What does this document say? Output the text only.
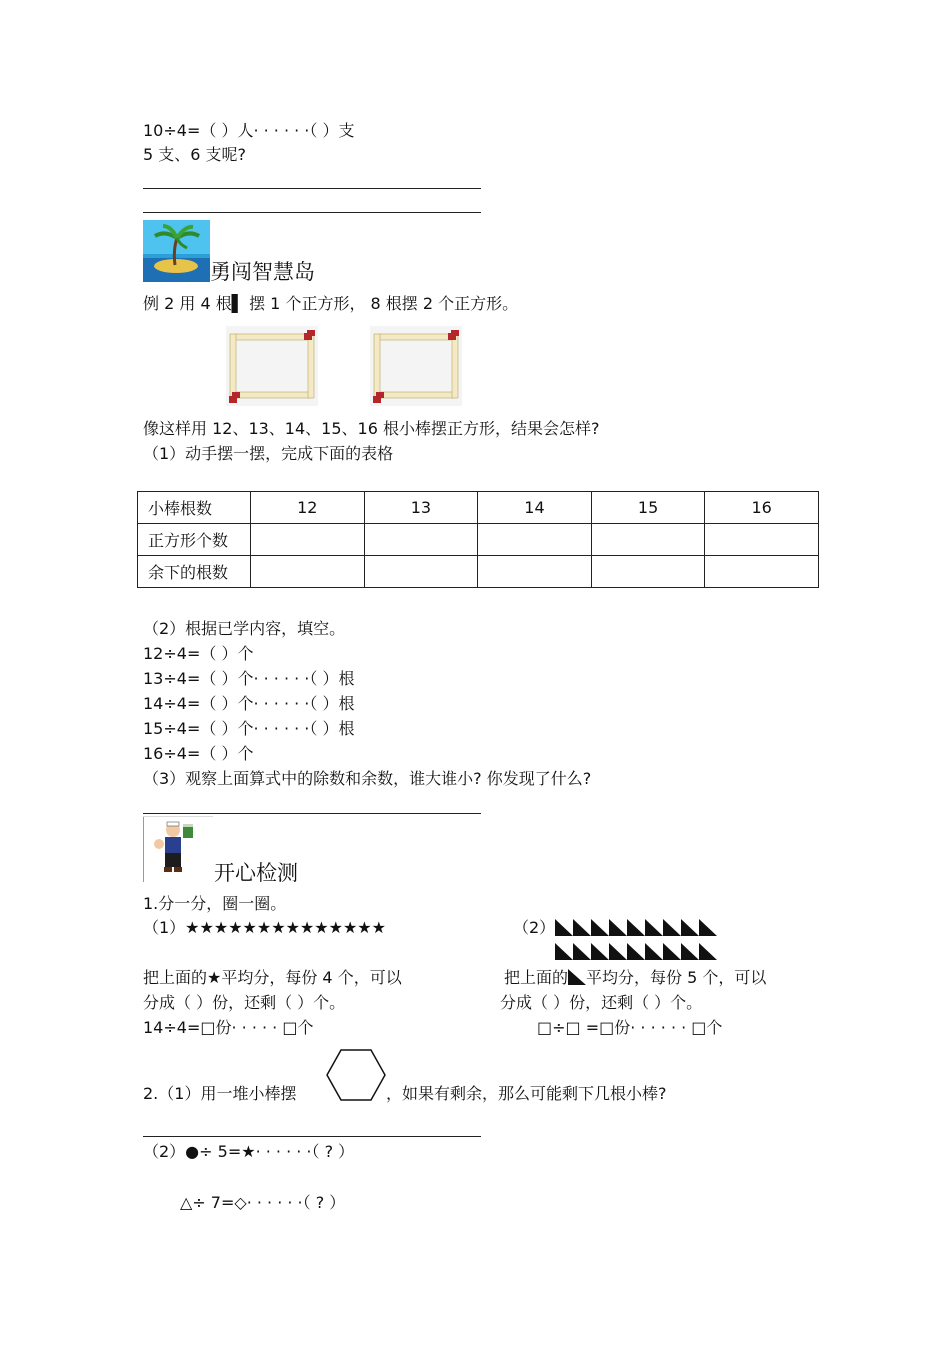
10÷4=（ ）人· · · · · ·（ ）支
5 支、6 支呢?
勇闯智慧岛
例 2 用 4 根▌ 摆 1 个正方形， 8 根摆 2 个正方形。
像这样用 12、13、14、15、16 根小棒摆正方形，结果会怎样?
（1）动手摆一摆，完成下面的表格
小棒根数	12	13	14	15	16
正方形个数					
余下的根数					
（2）根据已学内容，填空。
12÷4=（ ）个
13÷4=（ ）个· · · · · ·（ ）根
14÷4=（ ）个· · · · · ·（ ）根
15÷4=（ ）个· · · · · ·（ ）根
16÷4=（ ）个
（3）观察上面算式中的除数和余数，谁大谁小? 你发现了什么?
开心检测
1.分一分，圈一圈。
（1）★★★★★★★★★★★★★★
把上面的★平均分，每份 4 个，可以
分成（ ）份，还剩（ ）个。
14÷4=□份· · · · · □个
（2）
把上面的 平均分，每份 5 个，可以
分成（ ）份，还剩（ ）个。
□÷□ =□份· · · · · · □个
2.（1）用一堆小棒摆	，如果有剩余，那么可能剩下几根小棒?
（2）●÷ 5=★· · · · · ·（ ? ）
△÷ 7=◇· · · · · ·（ ? ）
